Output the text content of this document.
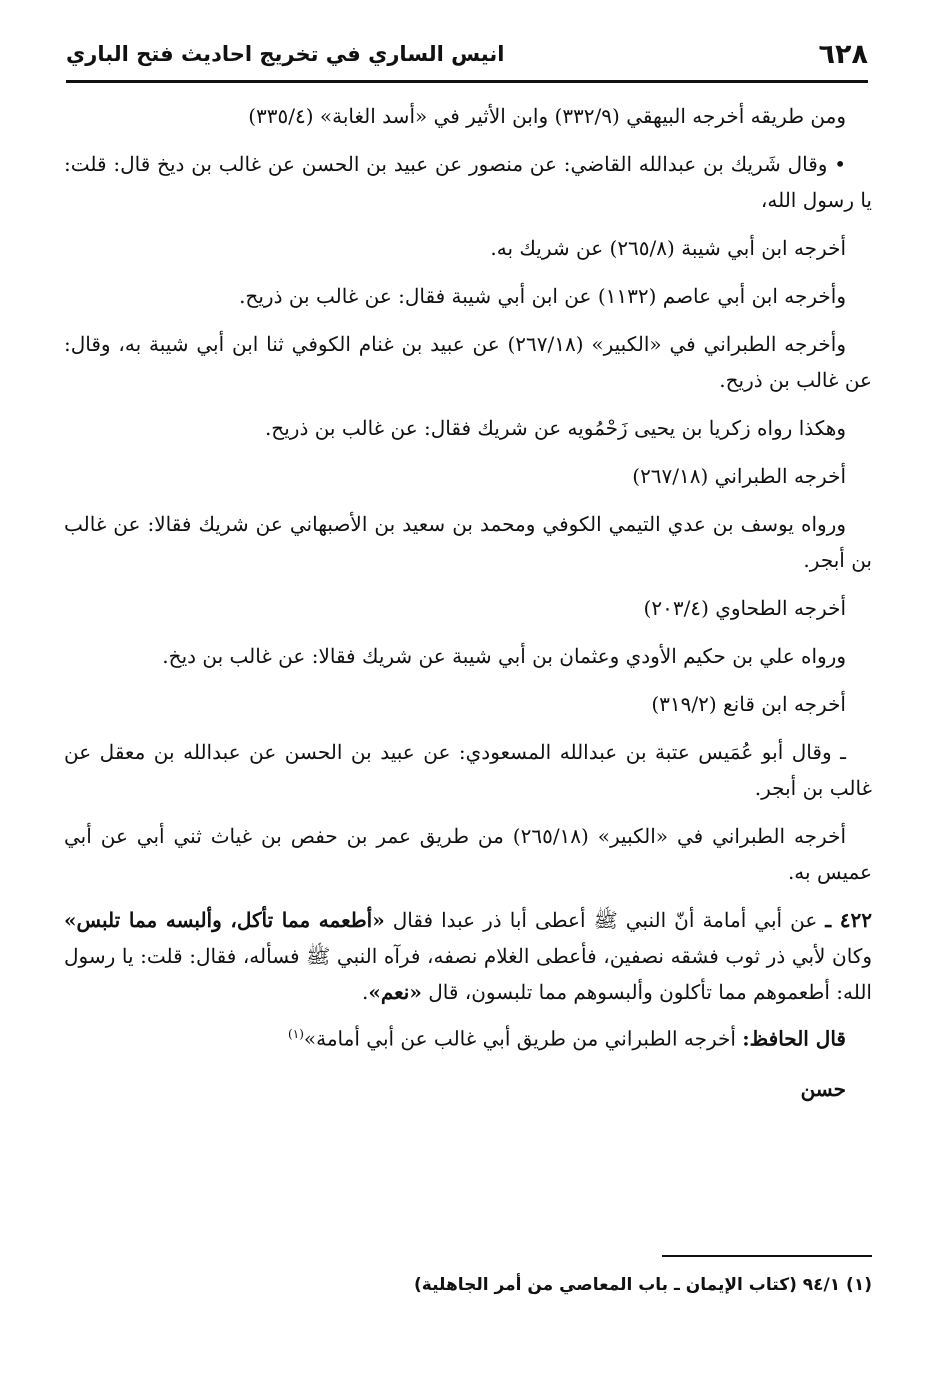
٦٢٨
انيس الساري في تخريج احاديث فتح الباري

ومن طريقه أخرجه البيهقي (٣٣٢/٩) وابن الأثير في «أسد الغابة» (٣٣٥/٤)

• وقال شَريك بن عبدالله القاضي: عن منصور عن عبيد بن الحسن عن غالب بن ديخ قال: قلت: يا رسول الله،

أخرجه ابن أبي شيبة (٢٦٥/٨) عن شريك به.

وأخرجه ابن أبي عاصم (١١٣٢) عن ابن أبي شيبة فقال: عن غالب بن ذريح.

وأخرجه الطبراني في «الكبير» (٢٦٧/١٨) عن عبيد بن غنام الكوفي ثنا ابن أبي شيبة به، وقال: عن غالب بن ذريح.

وهكذا رواه زكريا بن يحيى زَحْمُويه عن شريك فقال: عن غالب بن ذريح.

أخرجه الطبراني (٢٦٧/١٨)

ورواه يوسف بن عدي التيمي الكوفي ومحمد بن سعيد بن الأصبهاني عن شريك فقالا: عن غالب بن أبجر.

أخرجه الطحاوي (٢٠٣/٤)

ورواه علي بن حكيم الأودي وعثمان بن أبي شيبة عن شريك فقالا: عن غالب بن ديخ.

أخرجه ابن قانع (٣١٩/٢)

ـ وقال أبو عُمَيس عتبة بن عبدالله المسعودي: عن عبيد بن الحسن عن عبدالله بن معقل عن غالب بن أبجر.

أخرجه الطبراني في «الكبير» (٢٦٥/١٨) من طريق عمر بن حفص بن غياث ثني أبي عن أبي عميس به.

٤٢٢ ـ عن أبي أمامة أنّ النبي ﷺ أعطى أبا ذر عبدا فقال «أطعمه مما تأكل، وألبسه مما تلبس» وكان لأبي ذر ثوب فشقه نصفين، فأعطى الغلام نصفه، فرآه النبي ﷺ فسأله، فقال: قلت: يا رسول الله: أطعموهم مما تأكلون وألبسوهم مما تلبسون، قال «نعم».

قال الحافظ: أخرجه الطبراني من طريق أبي غالب عن أبي أمامة»$^{(١)}$

حسن

(١) ٩٤/١ (كتاب الإيمان ـ باب المعاصي من أمر الجاهلية)
